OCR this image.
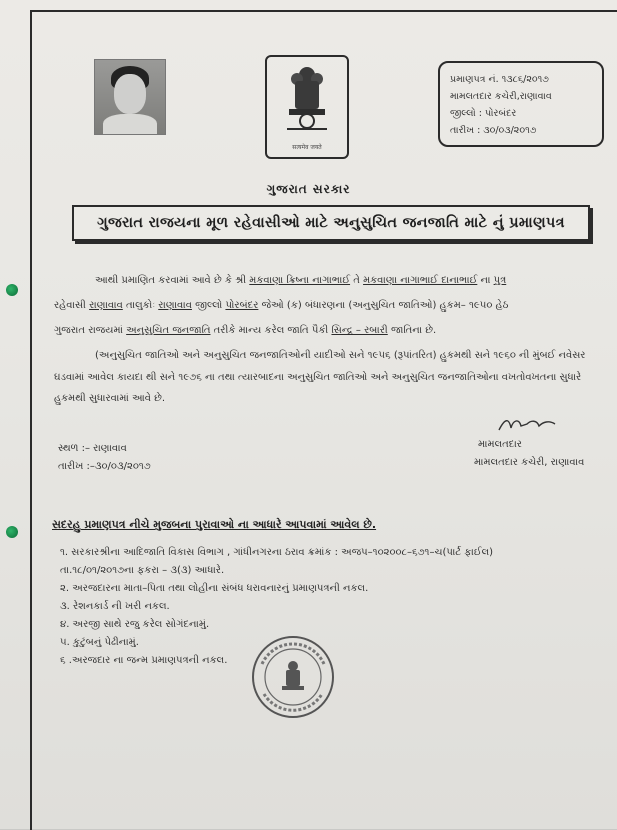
सत्यमेव जयते
પ્રમાણપત્ર નં. ૧૩૮૬/૨૦૧૭
મામલતદાર કચેરી,રાણાવાવ
જીલ્લો : પોરબંદર
તારીખ : ૩૦/૦૩/૨૦૧૭
ગુજરાત સરકાર
ગુજરાત રાજયના મૂળ રહેવાસીઓ માટે અનુસુચિત જનજાતિ માટે નું પ્રમાણપત્ર
આથી પ્રમાણિત કરવામાં આવે છે કે શ્રી મકવાણા ક્રિષ્ના નાગાભાઈ તે મકવાણા નાગાભાઈ દાનાભાઈ ના પુત્ર
રહેવાસી રાણાવાવ તાલુકોઃ રાણાવાવ જીલ્લો પોરબંદર જેઓ (ક) બંધારણના (અનુસુચિત જાતિઓ) હુકમ– ૧૯૫૦ હેઠ
ગુજરાત રાજયમાં અનુસુચિત જનજાતિ તરીકે માન્ય કરેલ જાતિ પૈકી સિન્દ્ર – રબારી જાતિના છે.
(અનુસુચિત જાતિઓ અને અનુસુચિત જનજાતિઓની યાદીઓ સને ૧૯૫૬ (રૂપાંતરિત) હુકમથી સને ૧૯૬૦ ની મુંબઈ નવેસર
ઘડવામાં આવેલ કાયદા થી સને ૧૯૭૬ ના તથા ત્યારબાદના અનુસુચિત જાતિઓ અને અનુસુચિત જનજાતિઓના વખતોવખતના સુધારે
હુકમથી સુધારવામાં આવે છે.
સ્થળ :– રાણાવાવ
તારીખ :–૩૦/૦૩/૨૦૧૭
મામલતદાર
મામલતદાર કચેરી, રાણાવાવ
સદરહુ પ્રમાણપત્ર નીચે મુજબના પુરાવાઓ ના આધારે આપવામાં આવેલ છે.
૧. સરકારશ્રીના આદિજાતિ વિકાસ વિભાગ , ગાંધીનગરના ઠરાવ ક્રમાંક : અજપ–૧૦૨૦૦૮–૬૭૧–ચ(પાર્ટ ફાઈલ)
તા.૧૮/૦૧/૨૦૧૭ના ફકરા – ૩(૩) આધારે.
૨. અરજદારના માતા–પિતા તથા લોહીના સંબંધ ધરાવનારનું પ્રમાણપત્રની નકલ.
૩. રેશનકાર્ડ ની ખરી નકલ.
૪. અરજી સાથે રજુ કરેલ સોગંદનામું.
૫. કુટુંબનું પેઢીનામું.
૬ .અરજદાર ના જન્મ પ્રમાણપત્રની નકલ.
